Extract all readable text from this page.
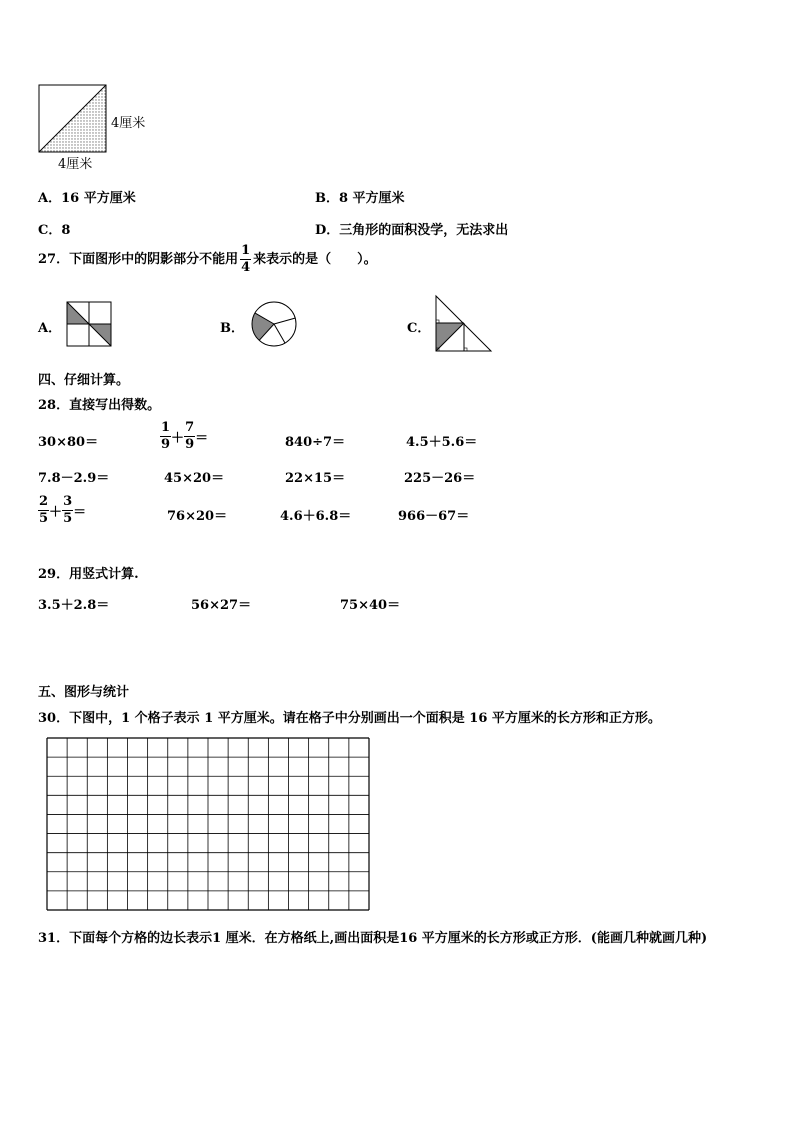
4厘米
4厘米
A．16 平方厘米	B．8 平方厘米
C．8	D．三角形的面积没学，无法求出
27．下面图形中的阴影部分不能用 $\frac{1}{4}$ 来表示的是（　　）。
A．	B．	C．
四、仔细计算。
28．直接写出得数。
30×80＝	$\frac{1}{9} + \frac{7}{9}$ ＝	840÷7＝	4.5＋5.6＝
7.8－2.9＝	45×20＝	22×15＝	225－26＝
$\frac{2}{5} + \frac{3}{5}$ ＝	76×20＝	4.6＋6.8＝	966－67＝
29．用竖式计算.
3.5＋2.8＝	56×27＝	75×40＝
五、图形与统计
30．下图中，1 个格子表示 1 平方厘米。请在格子中分别画出一个面积是 16 平方厘米的长方形和正方形。
31．下面每个方格的边长表示1 厘米．在方格纸上,画出面积是16 平方厘米的长方形或正方形．(能画几种就画几种)
